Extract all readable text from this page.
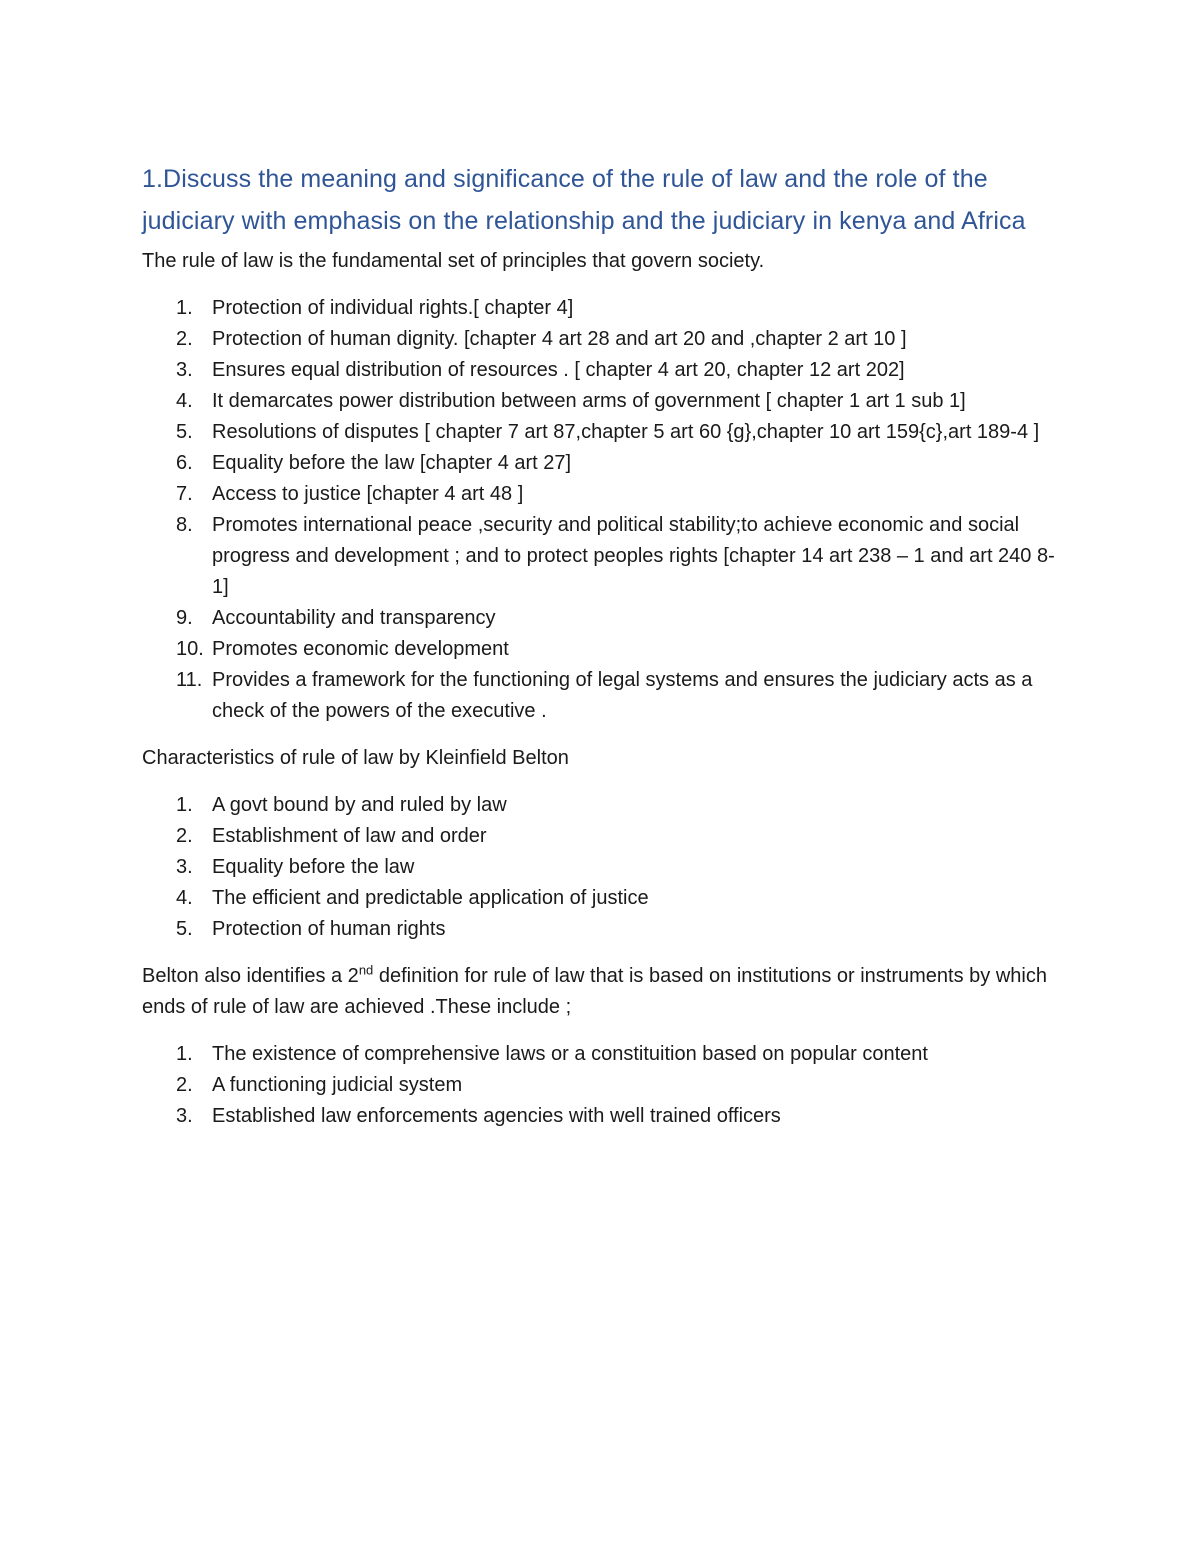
1.Discuss the meaning and significance of the rule of law and the role of the judiciary with emphasis on the relationship and the judiciary in kenya and Africa

The rule of law is the fundamental set of principles that govern society.

1. Protection of individual rights.[ chapter 4]
2. Protection of human dignity. [chapter 4 art 28 and art 20 and ,chapter 2 art 10 ]
3. Ensures equal distribution of resources . [ chapter 4 art 20, chapter 12 art 202]
4. It demarcates power distribution between arms of government [ chapter 1 art 1 sub 1]
5. Resolutions of disputes [ chapter 7 art 87,chapter 5 art 60 {g},chapter 10 art 159{c},art 189-4 ]
6. Equality before the law [chapter 4 art 27]
7. Access to justice [chapter 4 art 48 ]
8. Promotes international peace ,security and political stability;to achieve economic and social progress and development ; and to protect peoples rights [chapter 14 art 238 – 1 and art 240 8-1]
9. Accountability and transparency
10. Promotes economic development
11. Provides a framework for the functioning of legal systems and ensures the judiciary acts as a check of the powers of the executive .

Characteristics of rule of law by Kleinfield Belton

1. A govt bound by and ruled by law
2. Establishment of law and order
3. Equality before the law
4. The efficient and predictable application of justice
5. Protection of human rights

Belton also identifies a 2nd definition for rule of law that is based on institutions or instruments by which ends of rule of law are achieved .These include ;

1. The existence of comprehensive laws or a constituition based on popular content
2. A functioning judicial system
3. Established law enforcements agencies with well trained officers
